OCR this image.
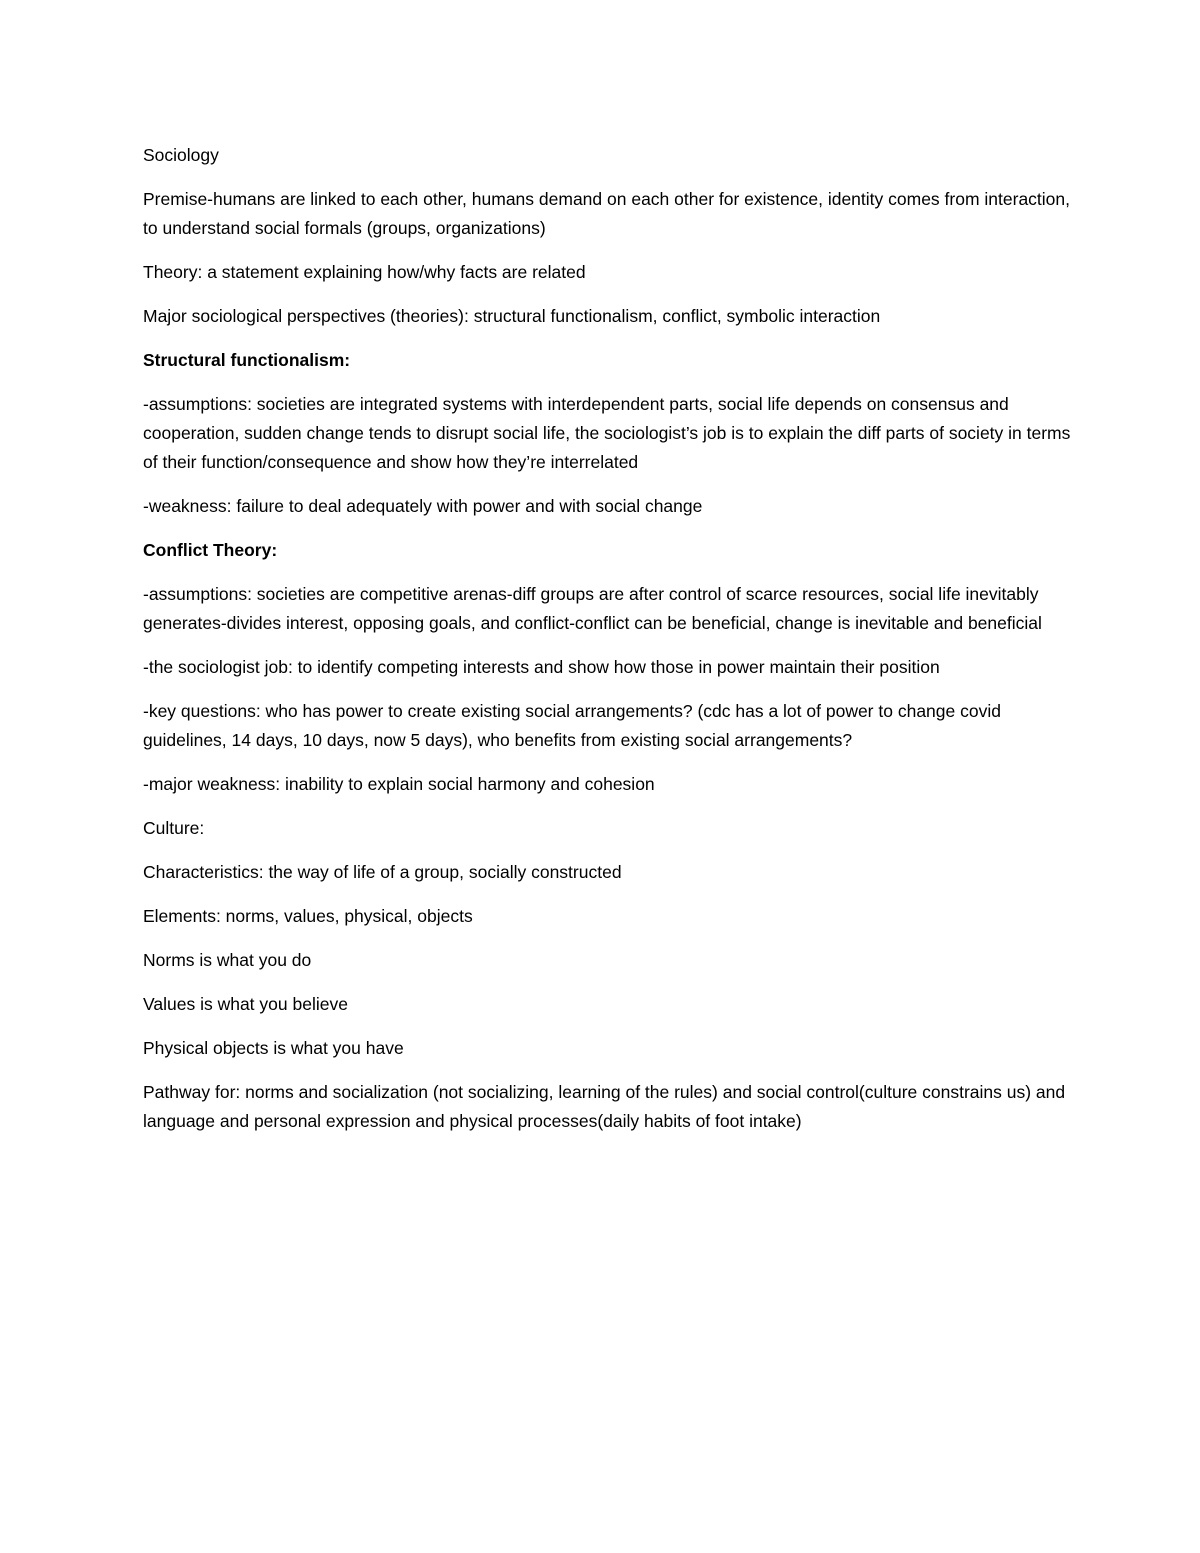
Sociology

Premise-humans are linked to each other, humans demand on each other for existence, identity comes from interaction, to understand social formals (groups, organizations)

Theory: a statement explaining how/why facts are related

Major sociological perspectives (theories): structural functionalism, conflict, symbolic interaction

Structural functionalism:

-assumptions: societies are integrated systems with interdependent parts, social life depends on consensus and cooperation, sudden change tends to disrupt social life, the sociologist’s job is to explain the diff parts of society in terms of their function/consequence and show how they’re interrelated

-weakness: failure to deal adequately with power and with social change

Conflict Theory:

-assumptions: societies are competitive arenas-diff groups are after control of scarce resources, social life inevitably generates-divides interest, opposing goals, and conflict-conflict can be beneficial, change is inevitable and beneficial

-the sociologist job: to identify competing interests and show how those in power maintain their position

-key questions: who has power to create existing social arrangements? (cdc has a lot of power to change covid guidelines, 14 days, 10 days, now 5 days), who benefits from existing social arrangements?

-major weakness: inability to explain social harmony and cohesion

Culture:

Characteristics: the way of life of a group, socially constructed

Elements: norms, values, physical, objects

Norms is what you do

Values is what you believe

Physical objects is what you have

Pathway for: norms and socialization (not socializing, learning of the rules) and social control(culture constrains us) and language and personal expression and physical processes(daily habits of foot intake)
